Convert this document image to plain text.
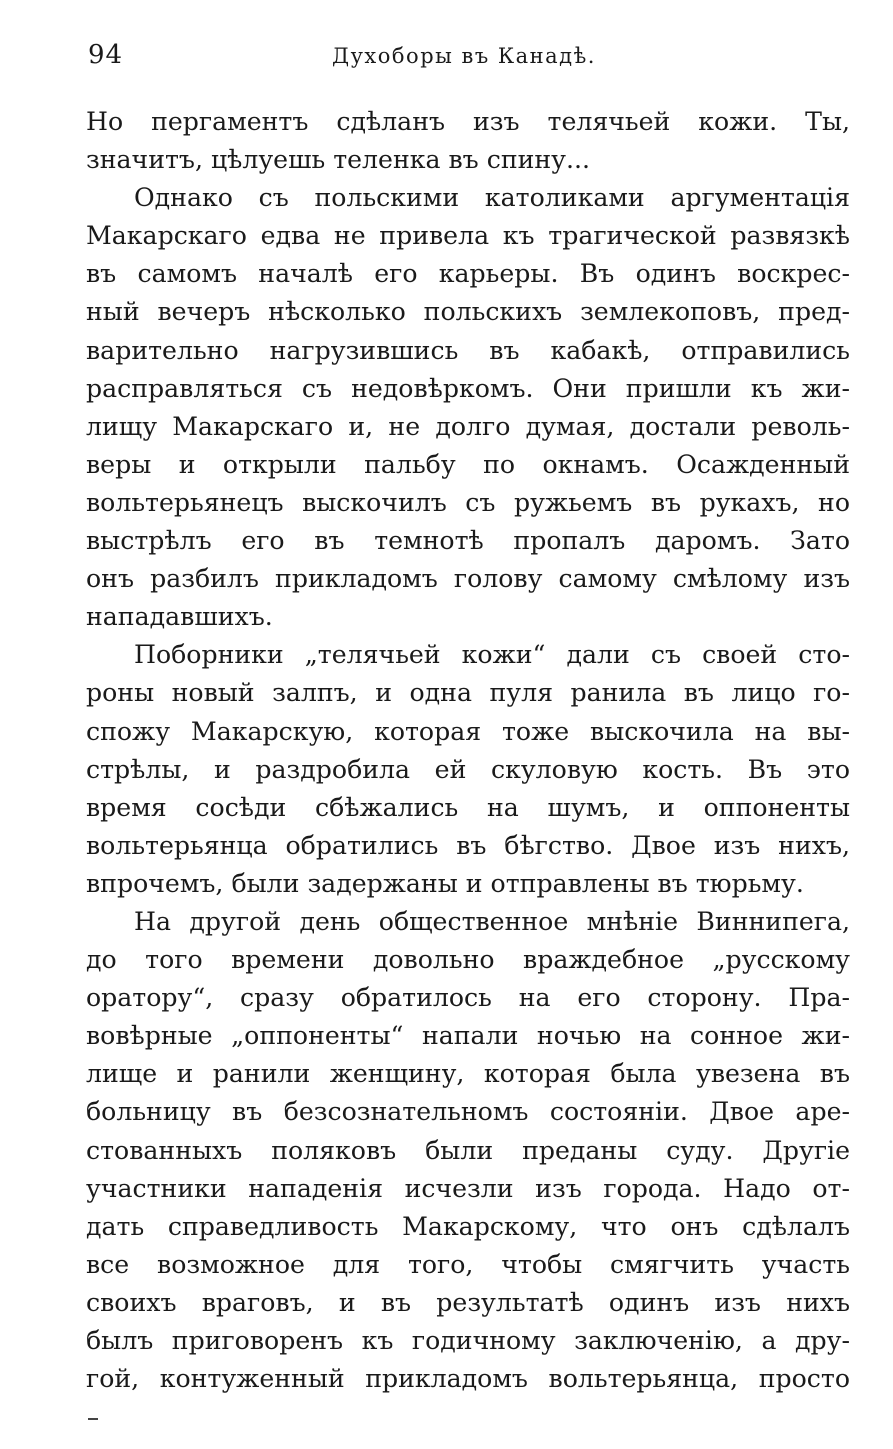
94	Духоборы въ Канадѣ.
Но пергаментъ сдѣланъ изъ телячьей кожи. Ты,
значитъ, цѣлуешь теленка въ спину...
Однако съ польскими католиками аргументація
Макарскаго едва не привела къ трагической развязкѣ
въ самомъ началѣ его карьеры. Въ одинъ воскрес-
ный вечеръ нѣсколько польскихъ землекоповъ, пред-
варительно нагрузившись въ кабакѣ, отправились
расправляться съ недовѣркомъ. Они пришли къ жи-
лищу Макарскаго и, не долго думая, достали револь-
веры и открыли пальбу по окнамъ. Осажденный
вольтерьянецъ выскочилъ съ ружьемъ въ рукахъ, но
выстрѣлъ его въ темнотѣ пропалъ даромъ. Зато
онъ разбилъ прикладомъ голову самому смѣлому изъ
нападавшихъ.
Поборники „телячьей кожи“ дали съ своей сто-
роны новый залпъ, и одна пуля ранила въ лицо го-
спожу Макарскую, которая тоже выскочила на вы-
стрѣлы, и раздробила ей скуловую кость. Въ это
время сосѣди сбѣжались на шумъ, и оппоненты
вольтерьянца обратились въ бѣгство. Двое изъ нихъ,
впрочемъ, были задержаны и отправлены въ тюрьму.
На другой день общественное мнѣніе Виннипега,
до того времени довольно враждебное „русскому
оратору“, сразу обратилось на его сторону. Пра-
вовѣрные „оппоненты“ напали ночью на сонное жи-
лище и ранили женщину, которая была увезена въ
больницу въ безсознательномъ состояніи. Двое аре-
стованныхъ поляковъ были преданы суду. Другіе
участники нападенія исчезли изъ города. Надо от-
дать справедливость Макарскому, что онъ сдѣлалъ
все возможное для того, чтобы смягчить участь
своихъ враговъ, и въ результатѣ одинъ изъ нихъ
былъ приговоренъ къ годичному заключенію, а дру-
гой, контуженный прикладомъ вольтерьянца, просто
